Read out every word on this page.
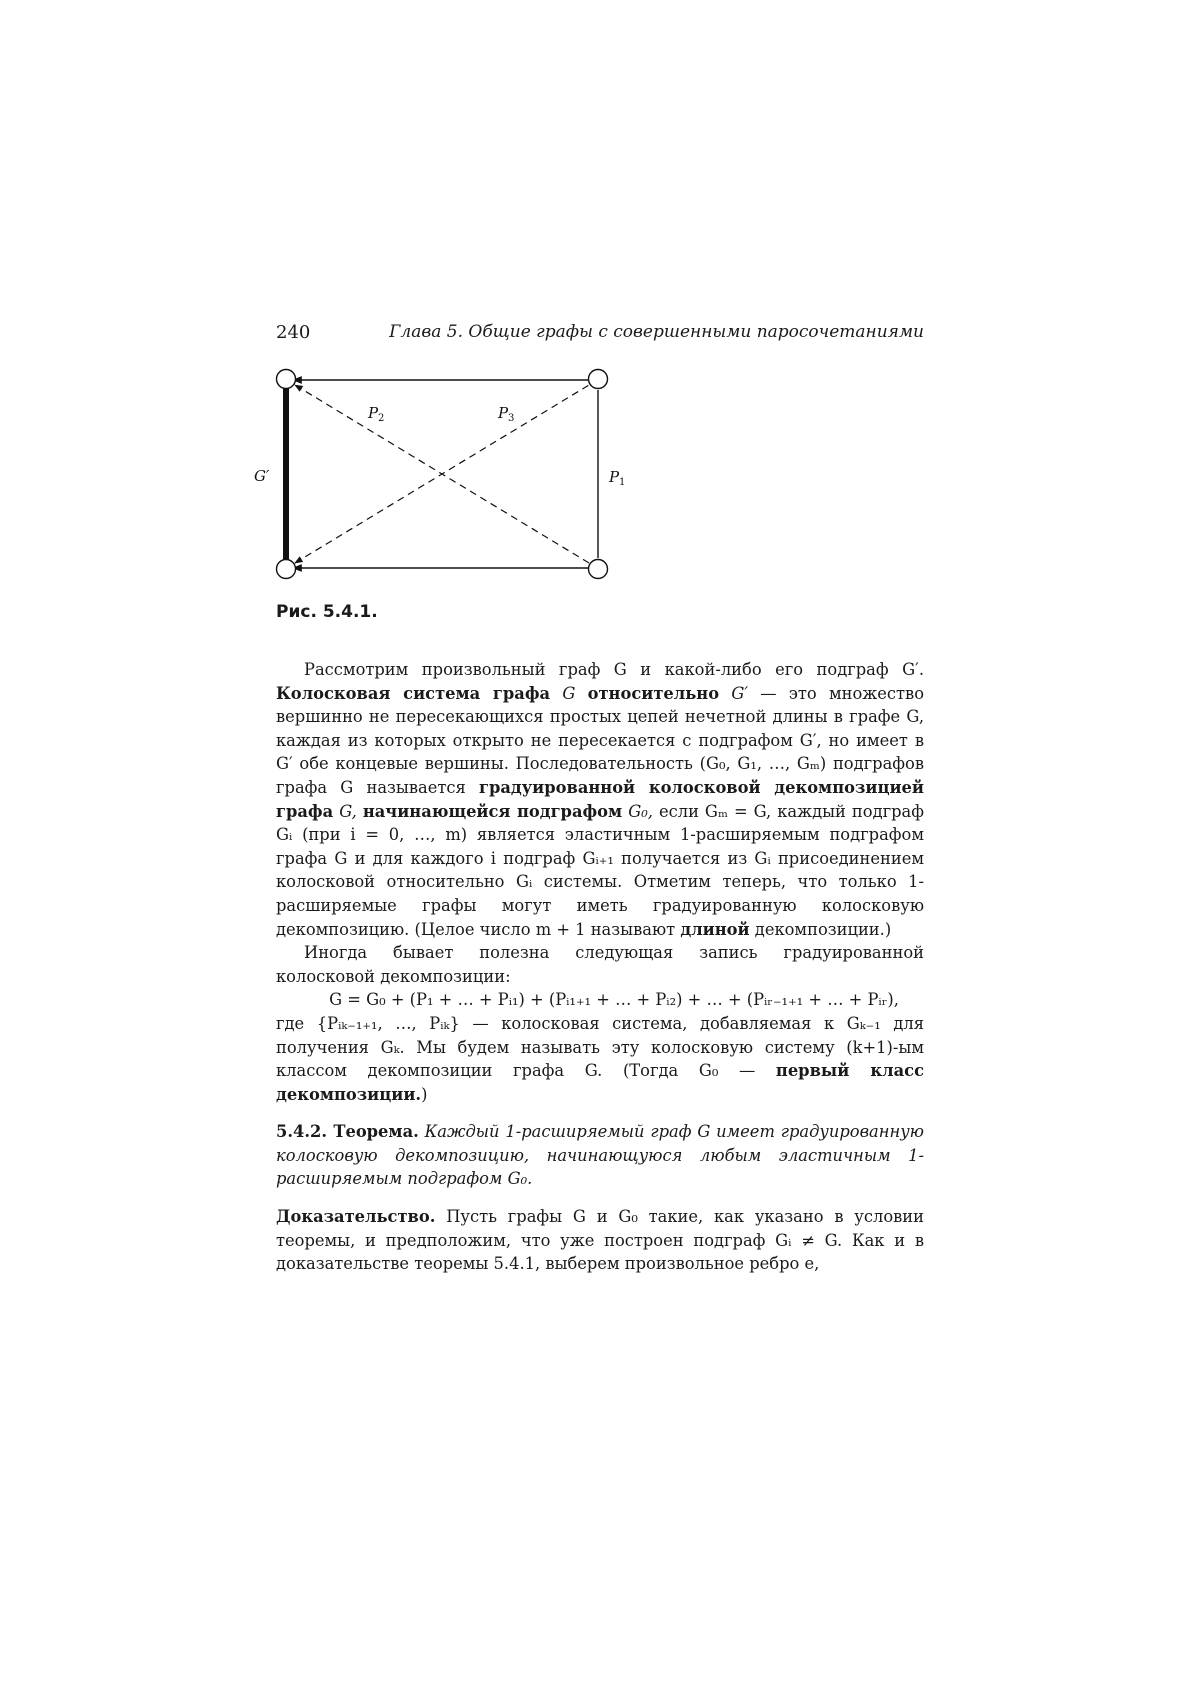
240	Глава 5. Общие графы с совершенными паросочетаниями
G′
P 2	P 3
P 1
Рис. 5.4.1.

Рассмотрим произвольный граф G и какой-либо его подграф G′. Колосковая система графа G относительно G′ — это множество вершинно не пересекающихся простых цепей нечетной длины в графе G, каждая из которых открыто не пересекается с подграфом G′, но имеет в G′ обе концевые вершины. Последовательность (G₀, G₁, …, Gₘ) подграфов графа G называется градуированной колосковой декомпозицией графа G, начинающейся подграфом G₀, если Gₘ = G, каждый подграф Gᵢ (при i = 0, …, m) является эластичным 1-расширяемым подграфом графа G и для каждого i подграф Gᵢ₊₁ получается из Gᵢ присоединением колосковой относительно Gᵢ системы. Отметим теперь, что только 1-расширяемые графы могут иметь градуированную колосковую декомпозицию. (Целое число m + 1 называют длиной декомпозиции.)

Иногда бывает полезна следующая запись градуированной колосковой декомпозиции:

G = G₀ + (P₁ + … + Pᵢ₁) + (Pᵢ₁₊₁ + … + Pᵢ₂) + … + (Pᵢᵣ₋₁₊₁ + … + Pᵢᵣ),

где {Pᵢₖ₋₁₊₁, …, Pᵢₖ} — колосковая система, добавляемая к Gₖ₋₁ для получения Gₖ. Мы будем называть эту колосковую систему (k+1)-ым классом декомпозиции графа G. (Тогда G₀ — первый класс декомпозиции.)

5.4.2. Теорема. Каждый 1-расширяемый граф G имеет градуированную колосковую декомпозицию, начинающуюся любым эластичным 1-расширяемым подграфом G₀.

Доказательство. Пусть графы G и G₀ такие, как указано в условии теоремы, и предположим, что уже построен подграф Gᵢ ≠ G. Как и в доказательстве теоремы 5.4.1, выберем произвольное ребро e,
